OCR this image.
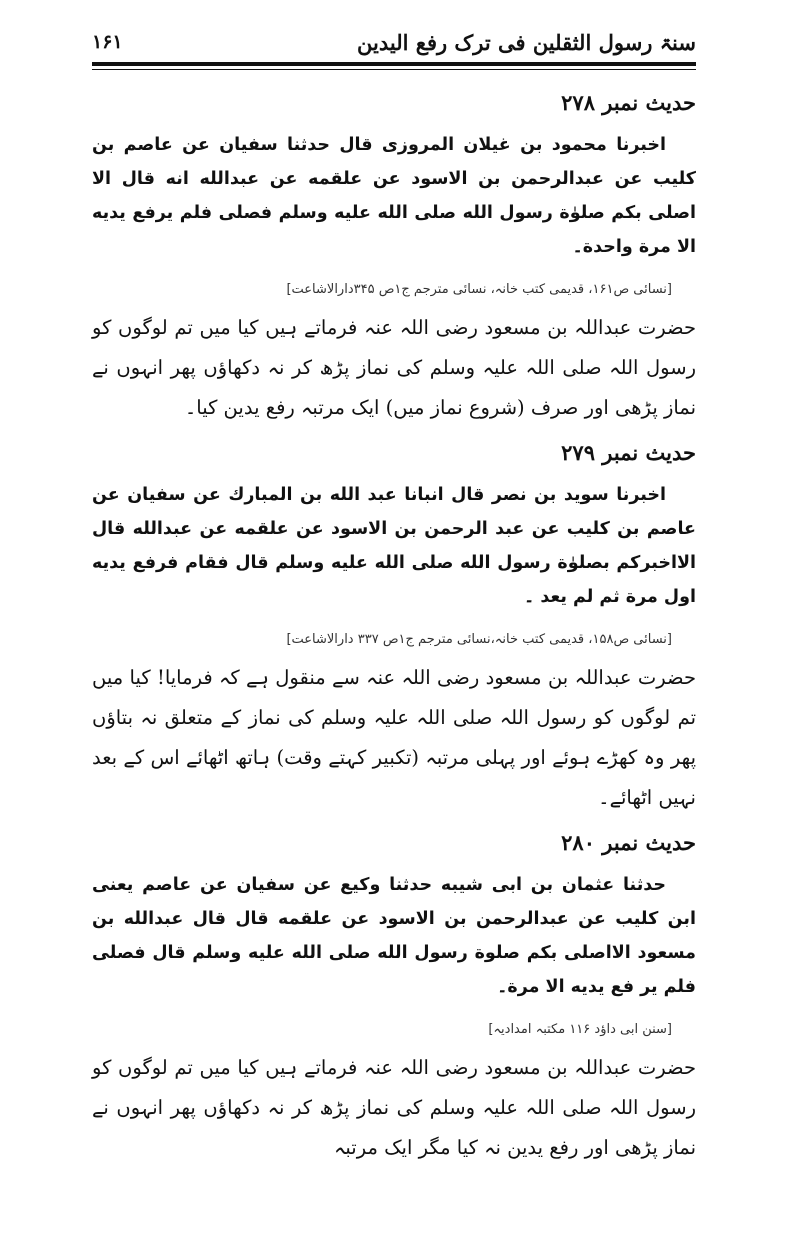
سنۃ رسول الثقلین فی ترک رفع الیدین
۱۶۱
حدیث نمبر ۲۷۸

اخبرنا محمود بن غیلان المروزی قال حدثنا سفیان عن عاصم بن کلیب عن عبدالرحمن بن الاسود عن علقمه عن عبدالله انه قال الا اصلی بکم صلوٰة رسول الله صلی الله علیه وسلم فصلی فلم یرفع یدیه الا مرة واحدة۔

[نسائی ص۱۶۱، قدیمی کتب خانہ، نسائی مترجم ج۱ص ۳۴۵دارالاشاعت]

حضرت عبداللہ بن مسعود رضی اللہ عنہ فرماتے ہیں کیا میں تم لوگوں کو رسول اللہ صلی اللہ علیہ وسلم کی نماز پڑھ کر نہ دکھاؤں پھر انہوں نے نماز پڑھی اور صرف (شروع نماز میں) ایک مرتبہ رفع یدین کیا۔

حدیث نمبر ۲۷۹

اخبرنا سوید بن نصر قال انبانا عبد الله بن المبارك عن سفیان عن عاصم بن کلیب عن عبد الرحمن بن الاسود عن علقمه عن عبدالله قال الااخبرکم بصلوٰة رسول الله صلی الله علیه وسلم قال فقام فرفع یدیه اول مرة ثم لم یعد ۔

[نسائی ص۱۵۸، قدیمی کتب خانہ،نسائی مترجم ج۱ص ۳۳۷ دارالاشاعت]

حضرت عبداللہ بن مسعود رضی اللہ عنہ سے منقول ہے کہ فرمایا! کیا میں تم لوگوں کو رسول اللہ صلی اللہ علیہ وسلم کی نماز کے متعلق نہ بتاؤں پھر وہ کھڑے ہوئے اور پہلی مرتبہ (تکبیر کہتے وقت) ہاتھ اٹھائے اس کے بعد نہیں اٹھائے۔

حدیث نمبر ۲۸۰

حدثنا عثمان بن ابی شیبه حدثنا وکیع عن سفیان عن عاصم یعنی ابن کلیب عن عبدالرحمن بن الاسود عن علقمه قال قال عبدالله بن مسعود الااصلی بکم صلوة رسول الله صلی الله علیه وسلم قال فصلی فلم یر فع یدیه الا مرة۔

[سنن ابی داؤد ۱۱۶ مکتبہ امدادیہ]

حضرت عبداللہ بن مسعود رضی اللہ عنہ فرماتے ہیں کیا میں تم لوگوں کو رسول اللہ صلی اللہ علیہ وسلم کی نماز پڑھ کر نہ دکھاؤں پھر انہوں نے نماز پڑھی اور رفع یدین نہ کیا مگر ایک مرتبہ
